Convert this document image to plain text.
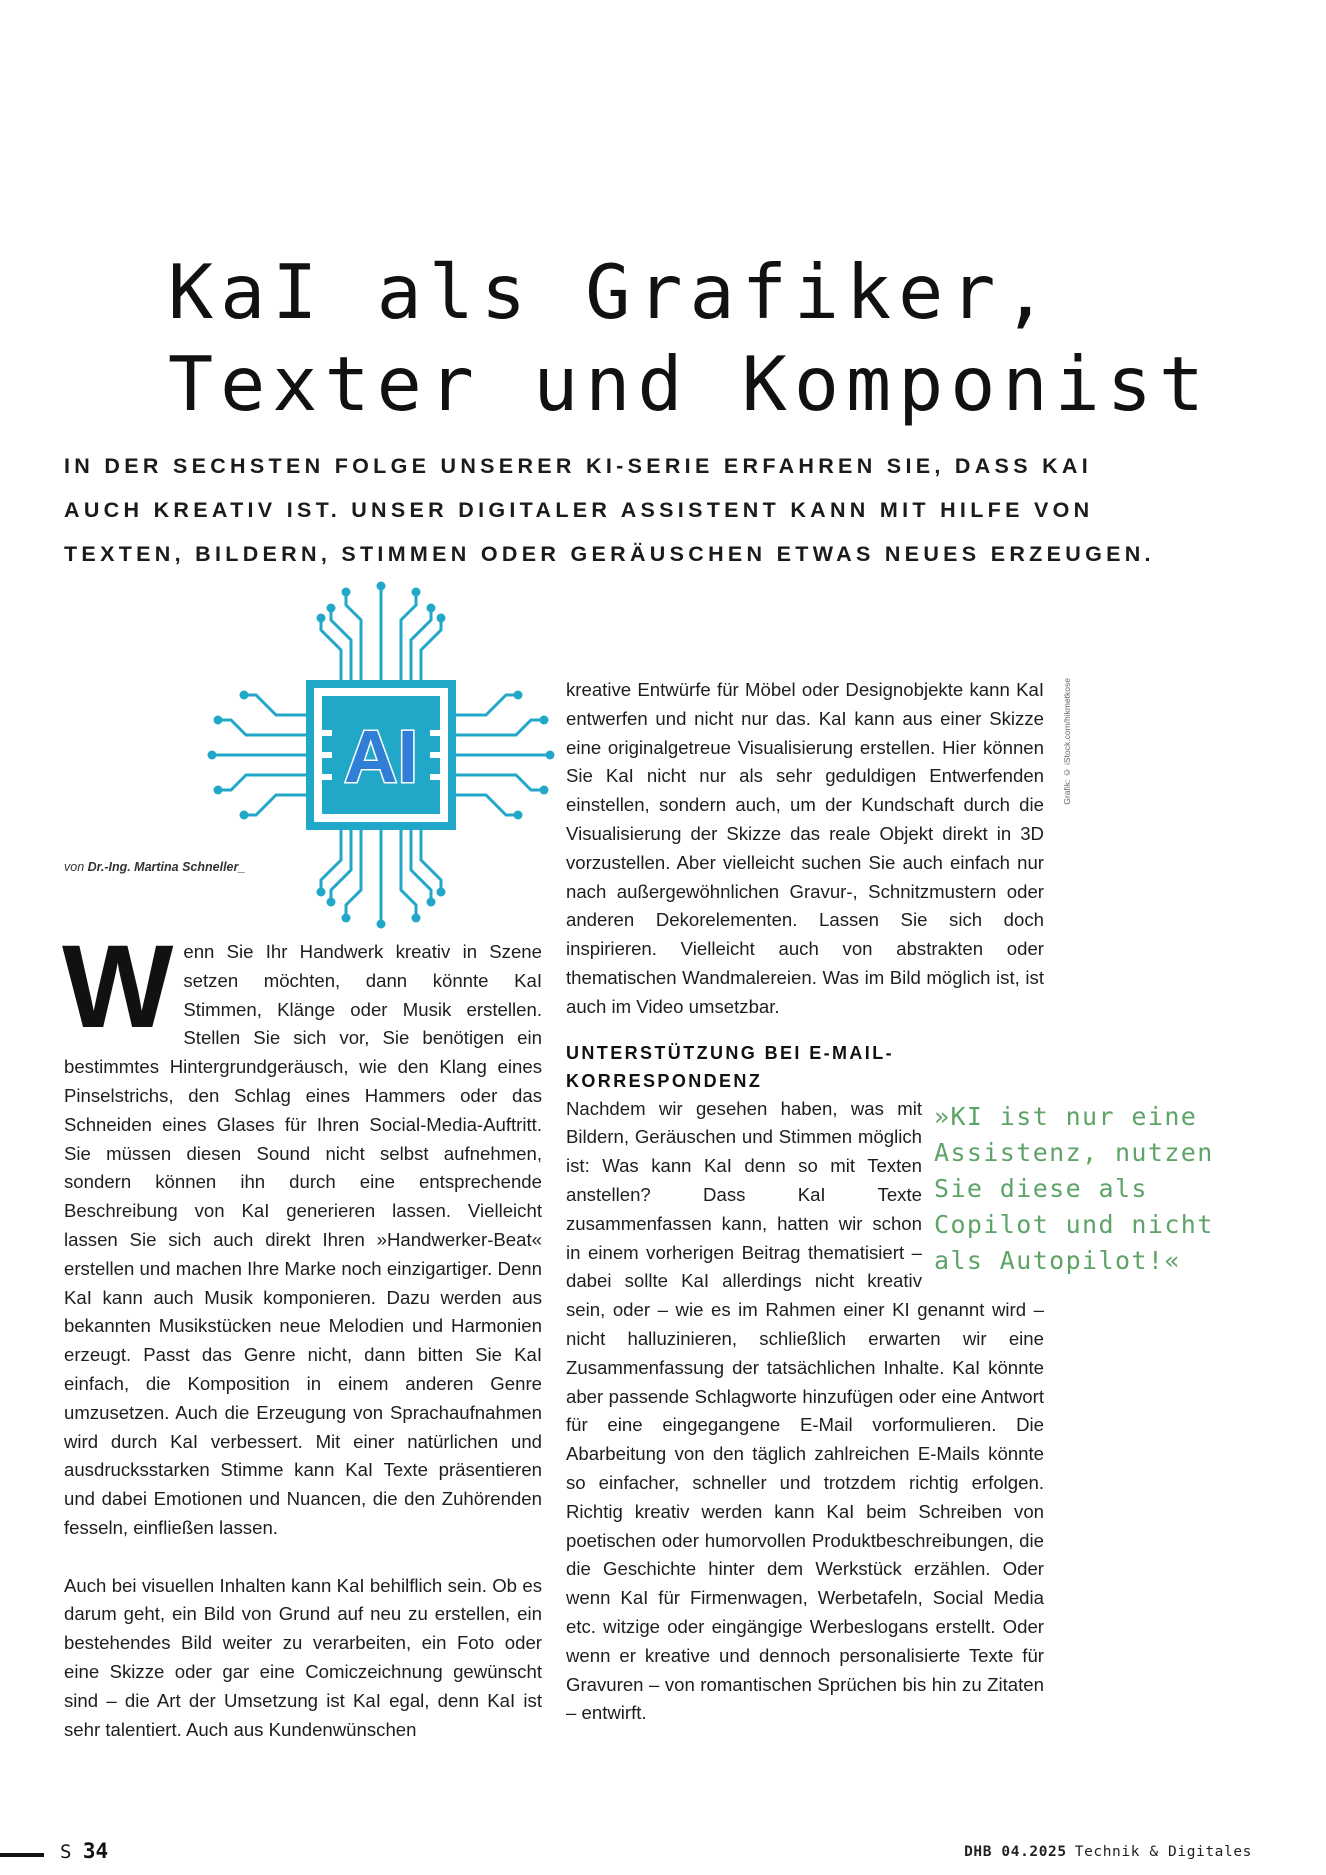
KaI als Grafiker,
Texter und Komponist
IN DER SECHSTEN FOLGE UNSERER KI-SERIE ERFAHREN SIE, DASS KAI
AUCH KREATIV IST. UNSER DIGITALER ASSISTENT KANN MIT HILFE VON
TEXTEN, BILDERN, STIMMEN ODER GERÄUSCHEN ETWAS NEUES ERZEUGEN.
AI
von Dr.-Ing. Martina Schneller_
Grafik: © iStock.com/hikmetkose

Wenn Sie Ihr Handwerk kreativ in Szene setzen möchten, dann könnte KaI Stimmen, Klänge oder Musik erstellen. Stellen Sie sich vor, Sie benötigen ein bestimmtes Hintergrundgeräusch, wie den Klang eines Pinselstrichs, den Schlag eines Hammers oder das Schneiden eines Glases für Ihren Social-Media-Auftritt. Sie müssen diesen Sound nicht selbst aufnehmen, sondern können ihn durch eine entsprechende Beschreibung von KaI generieren lassen. Vielleicht lassen Sie sich auch direkt Ihren »Handwerker-Beat« erstellen und machen Ihre Marke noch einzigartiger. Denn KaI kann auch Musik komponieren. Dazu werden aus bekannten Musikstücken neue Melodien und Harmonien erzeugt. Passt das Genre nicht, dann bitten Sie KaI einfach, die Komposition in einem anderen Genre umzusetzen. Auch die Erzeugung von Sprachaufnahmen wird durch KaI verbessert. Mit einer natürlichen und ausdrucksstarken Stimme kann KaI Texte präsentieren und dabei Emotionen und Nuancen, die den Zuhörenden fesseln, einfließen lassen.

Auch bei visuellen Inhalten kann KaI behilflich sein. Ob es darum geht, ein Bild von Grund auf neu zu erstellen, ein bestehendes Bild weiter zu verarbeiten, ein Foto oder eine Skizze oder gar eine Comiczeichnung gewünscht sind – die Art der Umsetzung ist KaI egal, denn KaI ist sehr talentiert. Auch aus Kundenwünschen

kreative Entwürfe für Möbel oder Designobjekte kann KaI entwerfen und nicht nur das. KaI kann aus einer Skizze eine originalgetreue Visualisierung erstellen. Hier können Sie KaI nicht nur als sehr geduldigen Entwerfenden einstellen, sondern auch, um der Kundschaft durch die Visualisierung der Skizze das reale Objekt direkt in 3D vorzustellen. Aber vielleicht suchen Sie auch einfach nur nach außergewöhnlichen Gravur-, Schnitzmustern oder anderen Dekorelementen. Lassen Sie sich doch inspirieren. Vielleicht auch von abstrakten oder thematischen Wandmalereien. Was im Bild möglich ist, ist auch im Video umsetzbar.

UNTERSTÜTZUNG BEI E-MAIL-KORRESPONDENZ

»KI ist nur eine Assistenz, nutzen Sie diese als Copilot und nicht als Autopilot!«
Nachdem wir gesehen haben, was mit Bildern, Geräuschen und Stimmen möglich ist: Was kann KaI denn so mit Texten anstellen? Dass KaI Texte zusammenfassen kann, hatten wir schon in einem vorherigen Beitrag thematisiert – dabei sollte KaI allerdings nicht kreativ sein, oder – wie es im Rahmen einer KI genannt wird – nicht halluzinieren, schließlich erwarten wir eine Zusammenfassung der tatsächlichen Inhalte. KaI könnte aber passende Schlagworte hinzufügen oder eine Antwort für eine eingegangene E-Mail vorformulieren. Die Abarbeitung von den täglich zahlreichen E-Mails könnte so einfacher, schneller und trotzdem richtig erfolgen. Richtig kreativ werden kann KaI beim Schreiben von poetischen oder humorvollen Produktbeschreibungen, die die Geschichte hinter dem Werkstück erzählen. Oder wenn KaI für Firmenwagen, Werbetafeln, Social Media etc. witzige oder eingängige Werbeslogans erstellt. Oder wenn er kreative und dennoch personalisierte Texte für Gravuren – von romantischen Sprüchen bis hin zu Zitaten – entwirft.

S 34	DHB 04.2025 Technik & Digitales
